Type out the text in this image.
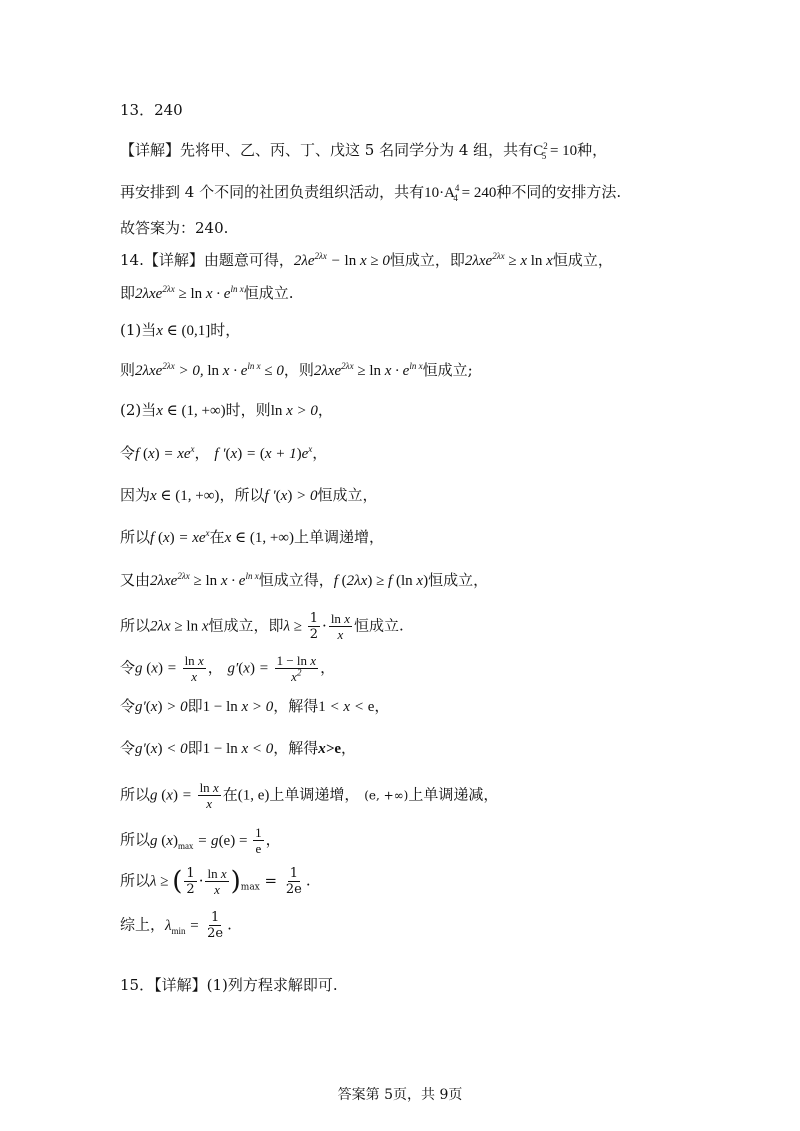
13．240
【详解】先将甲、乙、丙、丁、戊这 5 名同学分为 4 组，共有$C^2_5 = 10$种，
再安排到 4 个不同的社团负责组织活动，共有$10\cdot A^4_4 = 240$种不同的安排方法.
故答案为：240.
14.【详解】由题意可得，$2\lambda e^{2\lambda x} - \ln x \ge 0$恒成立，即2λxe$^{2\lambda x}$ ≥ x ln x恒成立，
即$2\lambda xe^{2\lambda x} \ge \ln x \cdot e^{ln x}$恒成立.
(1)当x ∈ (0,1]时，
则2λxe$^{2\lambda x}$ > 0, $\ln x \cdot e^{ln x} \le 0$，则$2\lambda xe^{2\lambda x} \ge \ln x \cdot e^{ln x}$恒成立;
(2)当x ∈ (1, +∞)时，则ln x > 0，
令f $(x) = xe^x$， f $'(x) = (x + 1)e^x$，
因为x ∈ (1, +∞)，所以f ′(x) > 0恒成立，
所以f $(x) = xe^x$在x ∈ (1, +∞)上单调递增，
又由$2\lambda xe^{2\lambda x} \ge \ln x \cdot e^{ln x}$恒成立得，f (2λx) ≥ f (ln x)恒成立，
所以2λx ≥ ln x恒成立，即$\lambda \ge \frac{1}{2} \cdot \frac{\text{ln x}}{x}$ 恒成立.
令g $(x) = \frac{\text{ln x}}{x}$ ， $g'(x) = \frac{\text{1 − ln x}}{x^2}$ ，
令g′(x) > 0即1 − ln x > 0，解得1 < x < e，
令g′(x) < 0即1 − ln x < 0，解得x>e，
所以g $(x) = \frac{\text{ln x}}{x}$ 在(1, e)上单调递增， (e, +∞)上单调递减，
所以g $(x)_{max} = g(e) = \frac{1}{e}$ ，
所以λ ≥ ( $\frac{1}{2} \cdot \frac{\text{ln x}}{x} )_{max} = \frac{1}{2e}$ .
综上，$\lambda_{min} = \frac{1}{2e}$ .
15．【详解】(1)列方程求解即可.
答案第 5页，共 9页
